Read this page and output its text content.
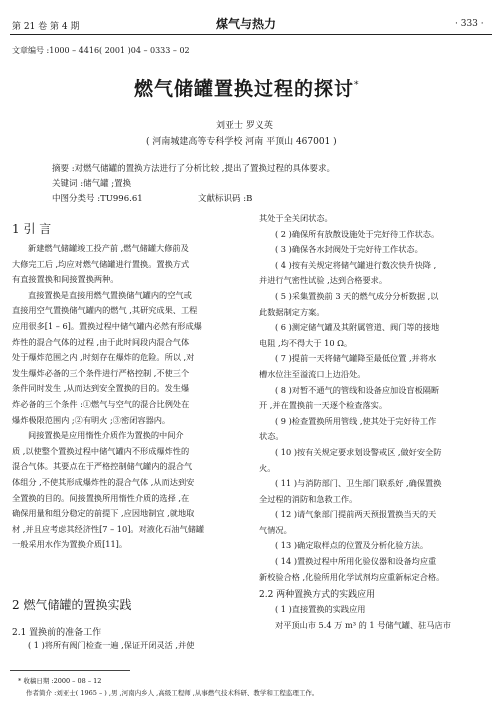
第 21 卷 第 4 期	煤气与热力	· 333 ·
文章编号 :1000 – 4416( 2001 )04 – 0333 – 02
燃气储罐置换过程的探讨*
刘亚士 罗义英
( 河南城建高等专科学校 河南 平顶山 467001 )
摘要 :对燃气储罐的置换方法进行了分析比较 ,提出了置换过程的具体要求。
关键词 :储气罐 ;置换
中图分类号 :TU996.61	文献标识码 :B
1 引 言

新建燃气储罐竣工投产前 ,燃气储罐大修前及

大修完工后 ,均应对燃气储罐进行置换。置换方式

有直接置换和间接置换两种。

直接置换是直接用燃气置换储气罐内的空气或

直接用空气置换储气罐内的燃气 ,其研究成果、工程

应用很多[1 – 6]。置换过程中储气罐内必然有形成爆

炸性的混合气体的过程 ,由于此时间段内混合气体

处于爆炸范围之内 ,时刻存在爆炸的危险。所以 ,对

发生爆炸必备的三个条件进行严格控制 ,不使三个

条件同时发生 ,从而达到安全置换的目的。发生爆

炸必备的三个条件 :①燃气与空气的混合比例处在

爆炸极限范围内 ;②有明火 ;③密闭容器内。

间接置换是应用惰性介质作为置换的中间介

质 ,以使整个置换过程中储气罐内不形成爆炸性的

混合气体。其要点在于严格控制储气罐内的混合气

体组分 ,不使其形成爆炸性的混合气体 ,从而达到安

全置换的目的。间接置换所用惰性介质的选择 ,在

确保用量和组分稳定的前提下 ,应因地制宜 ,就地取

材 ,并且应考虑其经济性[7 – 10]。对液化石油气储罐

一般采用水作为置换介质[11]。

2 燃气储罐的置换实践
2.1 置换前的准备工作

( 1 )将所有阀门检查一遍 ,保证开闭灵活 ,并使

其处于全关闭状态。

( 2 )确保所有放散设施处于完好待工作状态。

( 3 )确保各水封阀处于完好待工作状态。

( 4 )按有关规定将储气罐进行数次快升快降 ,

并进行气密性试验 ,达到合格要求。

( 5 )采集置换前 3 天的燃气成分分析数据 ,以

此数据制定方案。

( 6 )测定储气罐及其附属管道、阀门等的接地

电阻 ,均不得大于 10 Ω。

( 7 )提前一天将储气罐降至最低位置 ,并将水

槽水位注至溢流口上边沿处。

( 8 )对暂不通气的管线和设备应加设盲板隔断

开 ,并在置换前一天逐个检查落实。

( 9 )检查置换所用管线 ,使其处于完好待工作

状态。

( 10 )按有关规定要求划设警戒区 ,做好安全防

火。

( 11 )与消防部门、卫生部门联系好 ,确保置换

全过程的消防和急救工作。

( 12 )请气象部门提前两天预报置换当天的天

气情况。

( 13 )确定取样点的位置及分析化验方法。

( 14 )置换过程中所用化验仪器和设备均应重

新校验合格 ,化验所用化学试剂均应重新标定合格。

2.2 两种置换方式的实践应用

( 1 )直接置换的实践应用

对平顶山市 5.4 万 m³ 的 1 号储气罐、驻马店市

* 收稿日期 :2000 – 08 – 12
作者简介 :刘亚士( 1965 – ) ,男 ,河南内乡人 ,高级工程师 ,从事燃气技术科研、教学和工程监理工作。
